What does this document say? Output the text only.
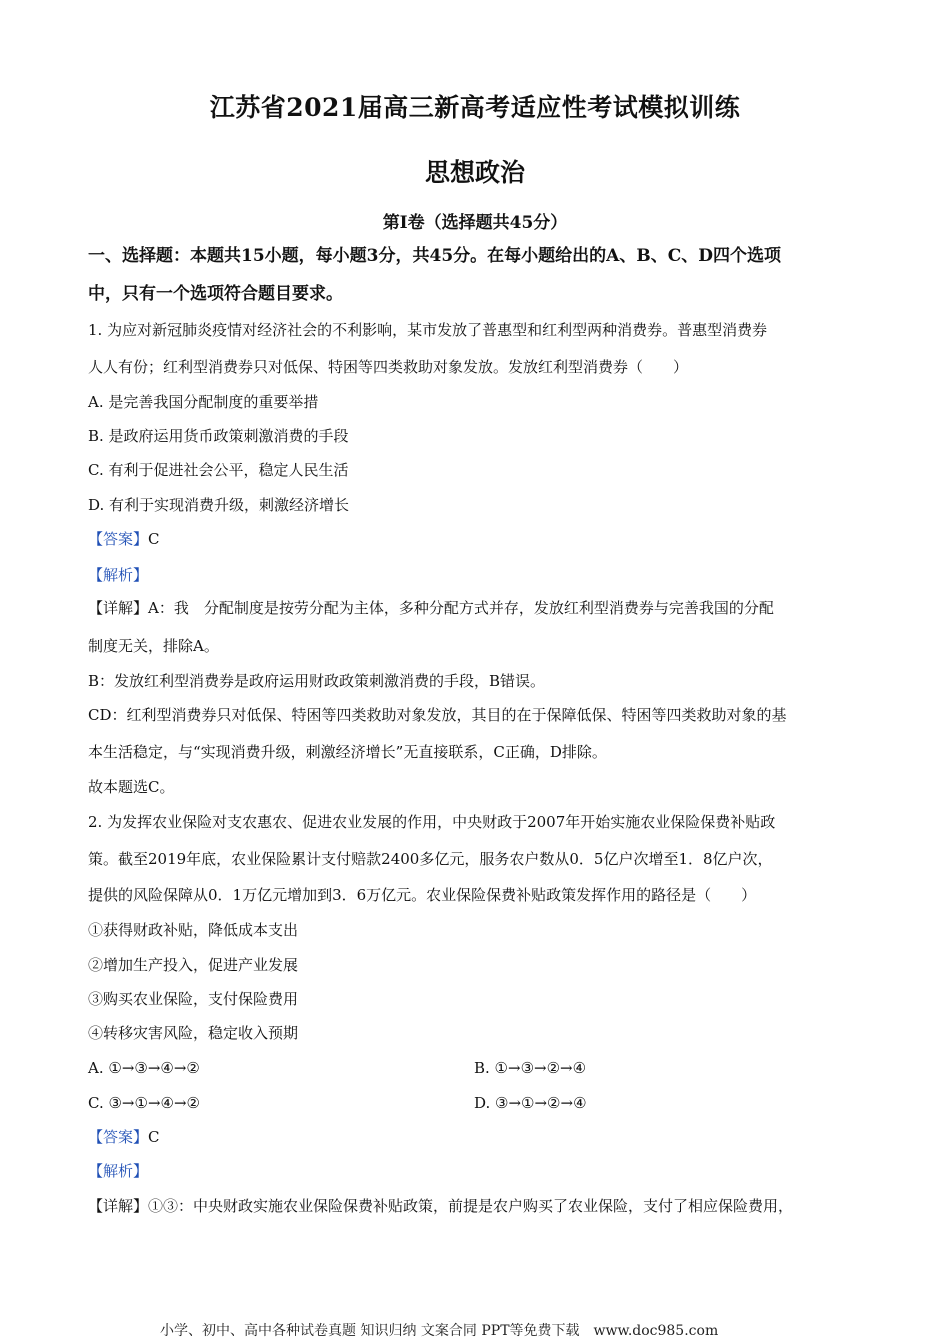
江苏省2021届高三新高考适应性考试模拟训练
思想政治
第Ⅰ卷（选择题共45分）
一、选择题：本题共15小题，每小题3分，共45分。在每小题给出的A、B、C、D四个选项
中，只有一个选项符合题目要求。
1. 为应对新冠肺炎疫情对经济社会的不利影响，某市发放了普惠型和红利型两种消费券。普惠型消费券
人人有份；红利型消费券只对低保、特困等四类救助对象发放。发放红利型消费券（　　）
A. 是完善我国分配制度的重要举措
B. 是政府运用货币政策刺激消费的手段
C. 有利于促进社会公平，稳定人民生活
D. 有利于实现消费升级，刺激经济增长
【答案】C
【解析】
【详解】A：我　分配制度是按劳分配为主体，多种分配方式并存，发放红利型消费券与完善我国的分配
制度无关，排除A。
B：发放红利型消费券是政府运用财政政策刺激消费的手段，B错误。
CD：红利型消费券只对低保、特困等四类救助对象发放，其目的在于保障低保、特困等四类救助对象的基
本生活稳定，与“实现消费升级，刺激经济增长”无直接联系，C正确，D排除。
故本题选C。
2. 为发挥农业保险对支农惠农、促进农业发展的作用，中央财政于2007年开始实施农业保险保费补贴政
策。截至2019年底，农业保险累计支付赔款2400多亿元，服务农户数从0．5亿户次增至1．8亿户次，
提供的风险保障从0．1万亿元增加到3．6万亿元。农业保险保费补贴政策发挥作用的路径是（　　）
①获得财政补贴，降低成本支出
②增加生产投入，促进产业发展
③购买农业保险，支付保险费用
④转移灾害风险，稳定收入预期
A. ①→③→④→②	B. ①→③→②→④
C. ③→①→④→②	D. ③→①→②→④
【答案】C
【解析】
【详解】①③：中央财政实施农业保险保费补贴政策，前提是农户购买了农业保险，支付了相应保险费用，
小学、初中、高中各种试卷真题 知识归纳 文案合同 PPT等免费下载　www.doc985.com
